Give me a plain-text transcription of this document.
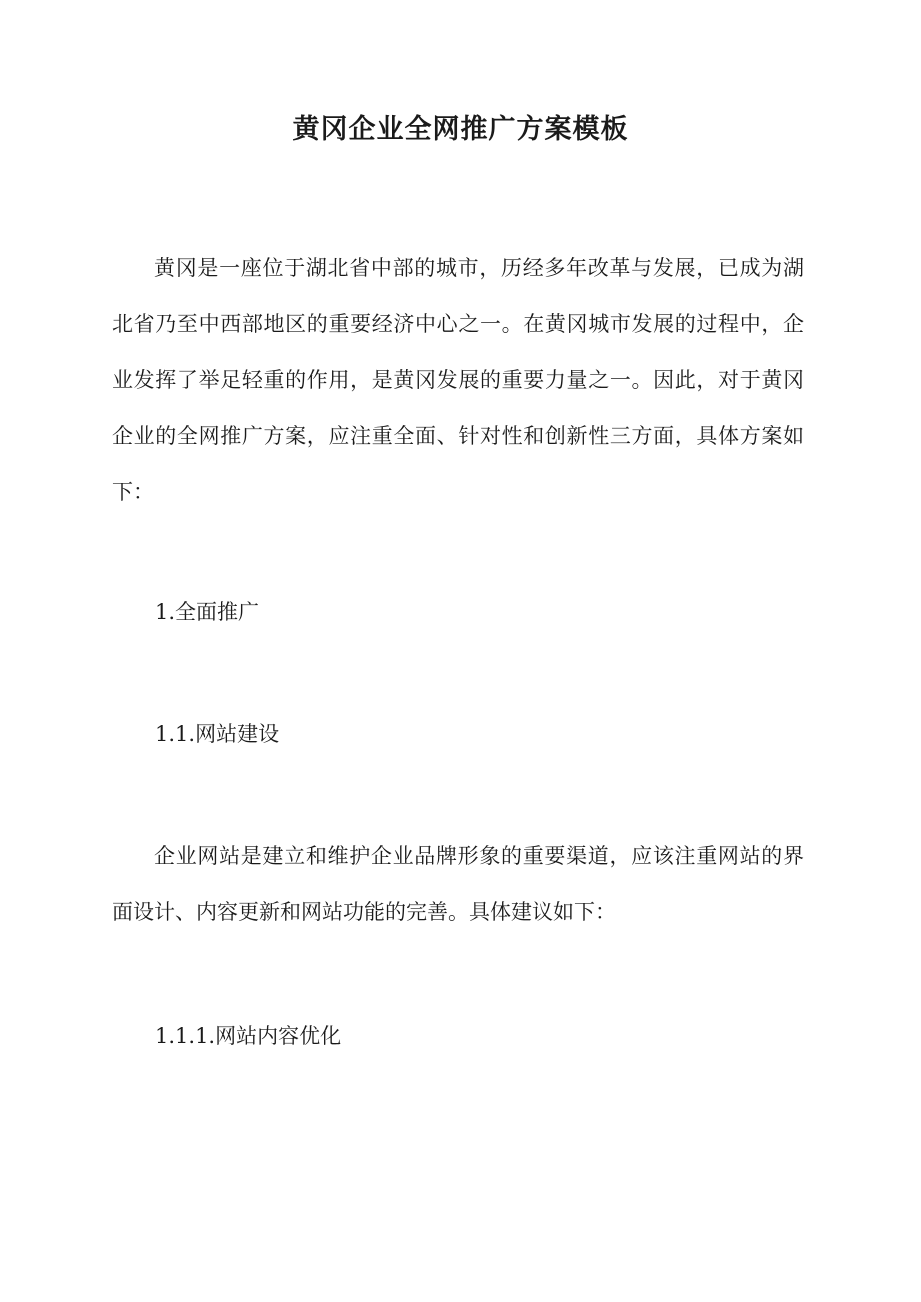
黄冈企业全网推广方案模板

黄冈是一座位于湖北省中部的城市，历经多年改革与发展，已成为湖北省乃至中西部地区的重要经济中心之一。在黄冈城市发展的过程中，企业发挥了举足轻重的作用，是黄冈发展的重要力量之一。因此，对于黄冈企业的全网推广方案，应注重全面、针对性和创新性三方面，具体方案如下：

1.全面推广
1.1.网站建设

企业网站是建立和维护企业品牌形象的重要渠道，应该注重网站的界面设计、内容更新和网站功能的完善。具体建议如下：

1.1.1.网站内容优化
